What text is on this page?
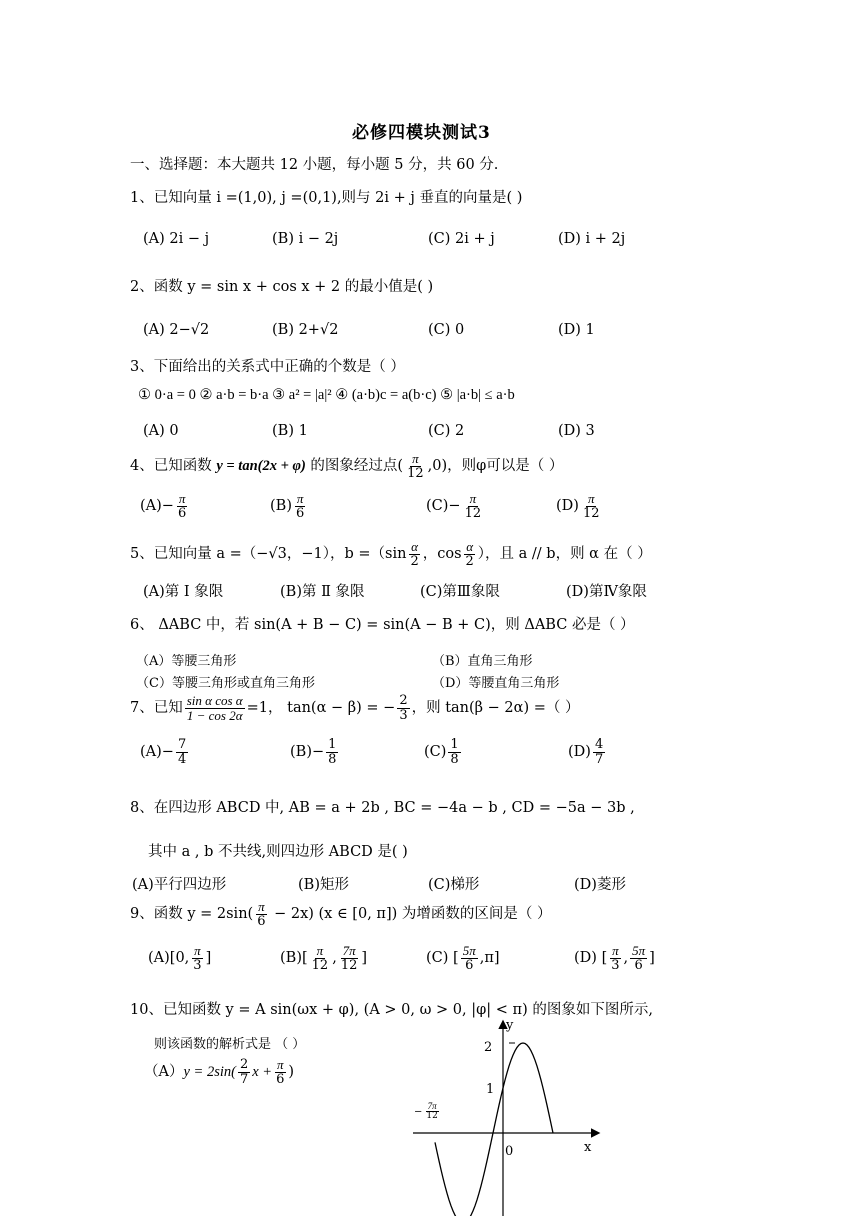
必修四模块测试3
一、选择题：本大题共 12 小题，每小题 5 分，共 60 分.
1、已知向量 i =(1,0), j =(0,1),则与 2i + j 垂直的向量是( )
(A) 2i − j	(B) i − 2j	(C) 2i + j	(D) i + 2j
2、函数 y = sin x + cos x + 2 的最小值是( )
(A) 2−√2	(B) 2+√2	(C) 0	(D) 1
3、下面给出的关系式中正确的个数是（ ）
① 0·a = 0 ② a·b = b·a ③ a² = |a|² ④ (a·b)c = a(b·c) ⑤ |a·b| ≤ a·b
(A) 0	(B) 1	(C) 2	(D) 3
4、已知函数 y = tan(2x + φ) 的图象经过点( $\frac{\pi}{12} ,0$)，则φ可以是（ ）
$(A)- \frac{\pi}{6}$	$(B) \frac{\pi}{6}$	$(C)- \frac{\pi}{12}$	$(D) \frac{\pi}{12}$
5、已知向量 a =（−√3，−1），$b =(\sin \frac{\alpha}{2}$ ，$\cos \frac{\alpha}{2}$ ），且 a // b，则 α 在（ ）
(A)第 Ⅰ 象限	(B)第 Ⅱ 象限	(C)第Ⅲ象限	(D)第Ⅳ象限
6、 ΔABC 中，若 sin(A + B − C) = sin(A − B + C)，则 ΔABC 必是（ ）
（A）等腰三角形	（B）直角三角形
（C）等腰三角形或直角三角形	（D）等腰直角三角形
7、已知 $\frac{\text{sin α cos α}}{1 - \cos 2\alpha} =1$， tan(α − β) = − $\frac{2}{3}$ ，则 tan(β − 2α) =（ ）
$(A)- \frac{7}{4}$	$(B)- \frac{1}{8}$	$(C) \frac{1}{8}$	$(D) \frac{4}{7}$
8、在四边形 ABCD 中, AB = a + 2b , BC = −4a − b , CD = −5a − 3b ,
其中 a , b 不共线,则四边形 ABCD 是( )
(A)平行四边形	(B)矩形	(C)梯形	(D)菱形
9、函数 $y = 2\sin( \frac{\pi}{6} - 2x)$ (x ∈ [0, π]) 为增函数的区间是（ ）
(A)[0, $\frac{\pi}{3}$ ]	$(B)[ \frac{\pi}{12}$ , $\frac{7\pi}{12}$ ]	(C) [ $\frac{5\pi}{6} ,\pi$]	(D) [ $\frac{\pi}{3}$ , $\frac{5\pi}{6}$ ]
10、已知函数 y = A sin(ωx + φ), (A > 0, ω > 0, |φ| < π) 的图象如下图所示,
则该函数的解析式是 （ ）
$(A)y = 2\sin( \frac{2}{7}$ $x + \frac{\pi}{6}$ )
y
x
2
1
0
− $\frac{7\pi}{12}$
